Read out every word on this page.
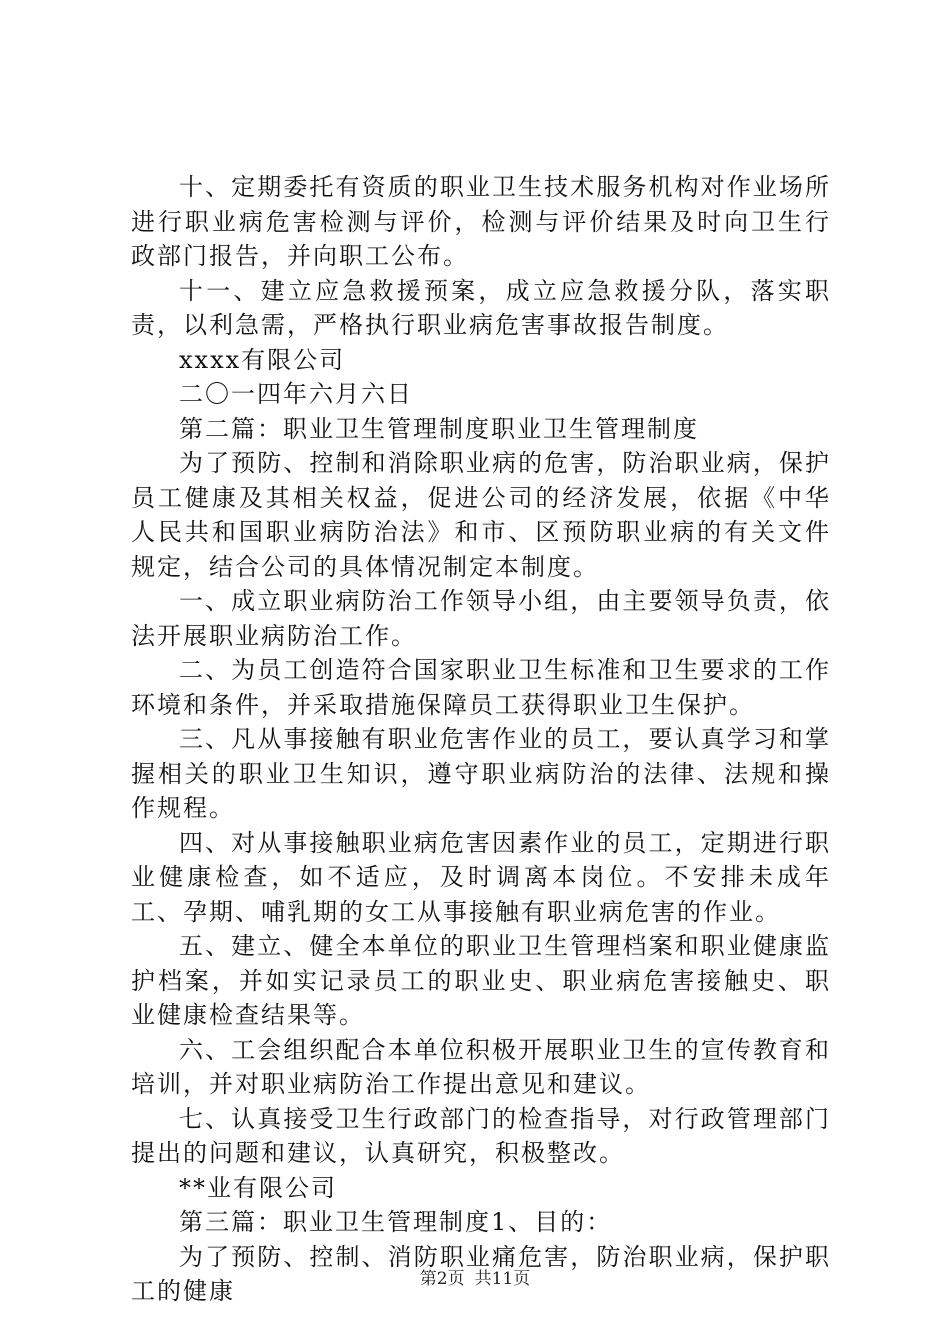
十、定期委托有资质的职业卫生技术服务机构对作业场所进行职业病危害检测与评价，检测与评价结果及时向卫生行政部门报告，并向职工公布。

十一、建立应急救援预案，成立应急救援分队，落实职责，以利急需，严格执行职业病危害事故报告制度。

xxxx有限公司

二〇一四年六月六日

第二篇：职业卫生管理制度职业卫生管理制度

为了预防、控制和消除职业病的危害，防治职业病，保护员工健康及其相关权益，促进公司的经济发展，依据《中华人民共和国职业病防治法》和市、区预防职业病的有关文件规定，结合公司的具体情况制定本制度。

一、成立职业病防治工作领导小组，由主要领导负责，依法开展职业病防治工作。

二、为员工创造符合国家职业卫生标准和卫生要求的工作环境和条件，并采取措施保障员工获得职业卫生保护。

三、凡从事接触有职业危害作业的员工，要认真学习和掌握相关的职业卫生知识，遵守职业病防治的法律、法规和操作规程。

四、对从事接触职业病危害因素作业的员工，定期进行职业健康检查，如不适应，及时调离本岗位。不安排未成年工、孕期、哺乳期的女工从事接触有职业病危害的作业。

五、建立、健全本单位的职业卫生管理档案和职业健康监护档案，并如实记录员工的职业史、职业病危害接触史、职业健康检查结果等。

六、工会组织配合本单位积极开展职业卫生的宣传教育和培训，并对职业病防治工作提出意见和建议。

七、认真接受卫生行政部门的检查指导，对行政管理部门提出的问题和建议，认真研究，积极整改。

**业有限公司

第三篇：职业卫生管理制度1、目的：

为了预防、控制、消防职业痛危害，防治职业病，保护职工的健康	第2页 共11页
